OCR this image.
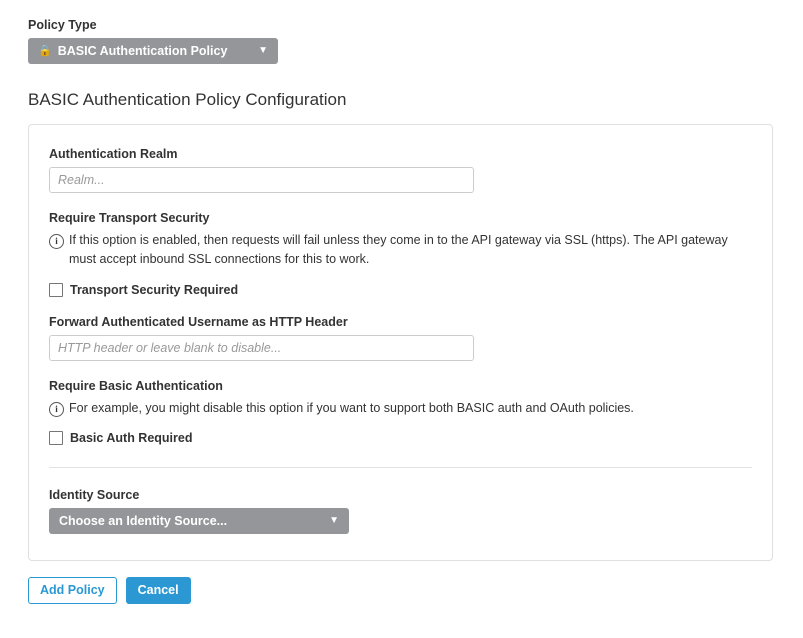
Policy Type
🔒 BASIC Authentication Policy	▼
BASIC Authentication Policy Configuration
Authentication Realm
Realm...
Require Transport Security
i If this option is enabled, then requests will fail unless they come in to the API gateway via SSL (https). The API gateway must accept inbound SSL connections for this to work.
Transport Security Required
Forward Authenticated Username as HTTP Header
HTTP header or leave blank to disable...
Require Basic Authentication
i For example, you might disable this option if you want to support both BASIC auth and OAuth policies.
Basic Auth Required
Identity Source
Choose an Identity Source...	▼
Add Policy	Cancel
